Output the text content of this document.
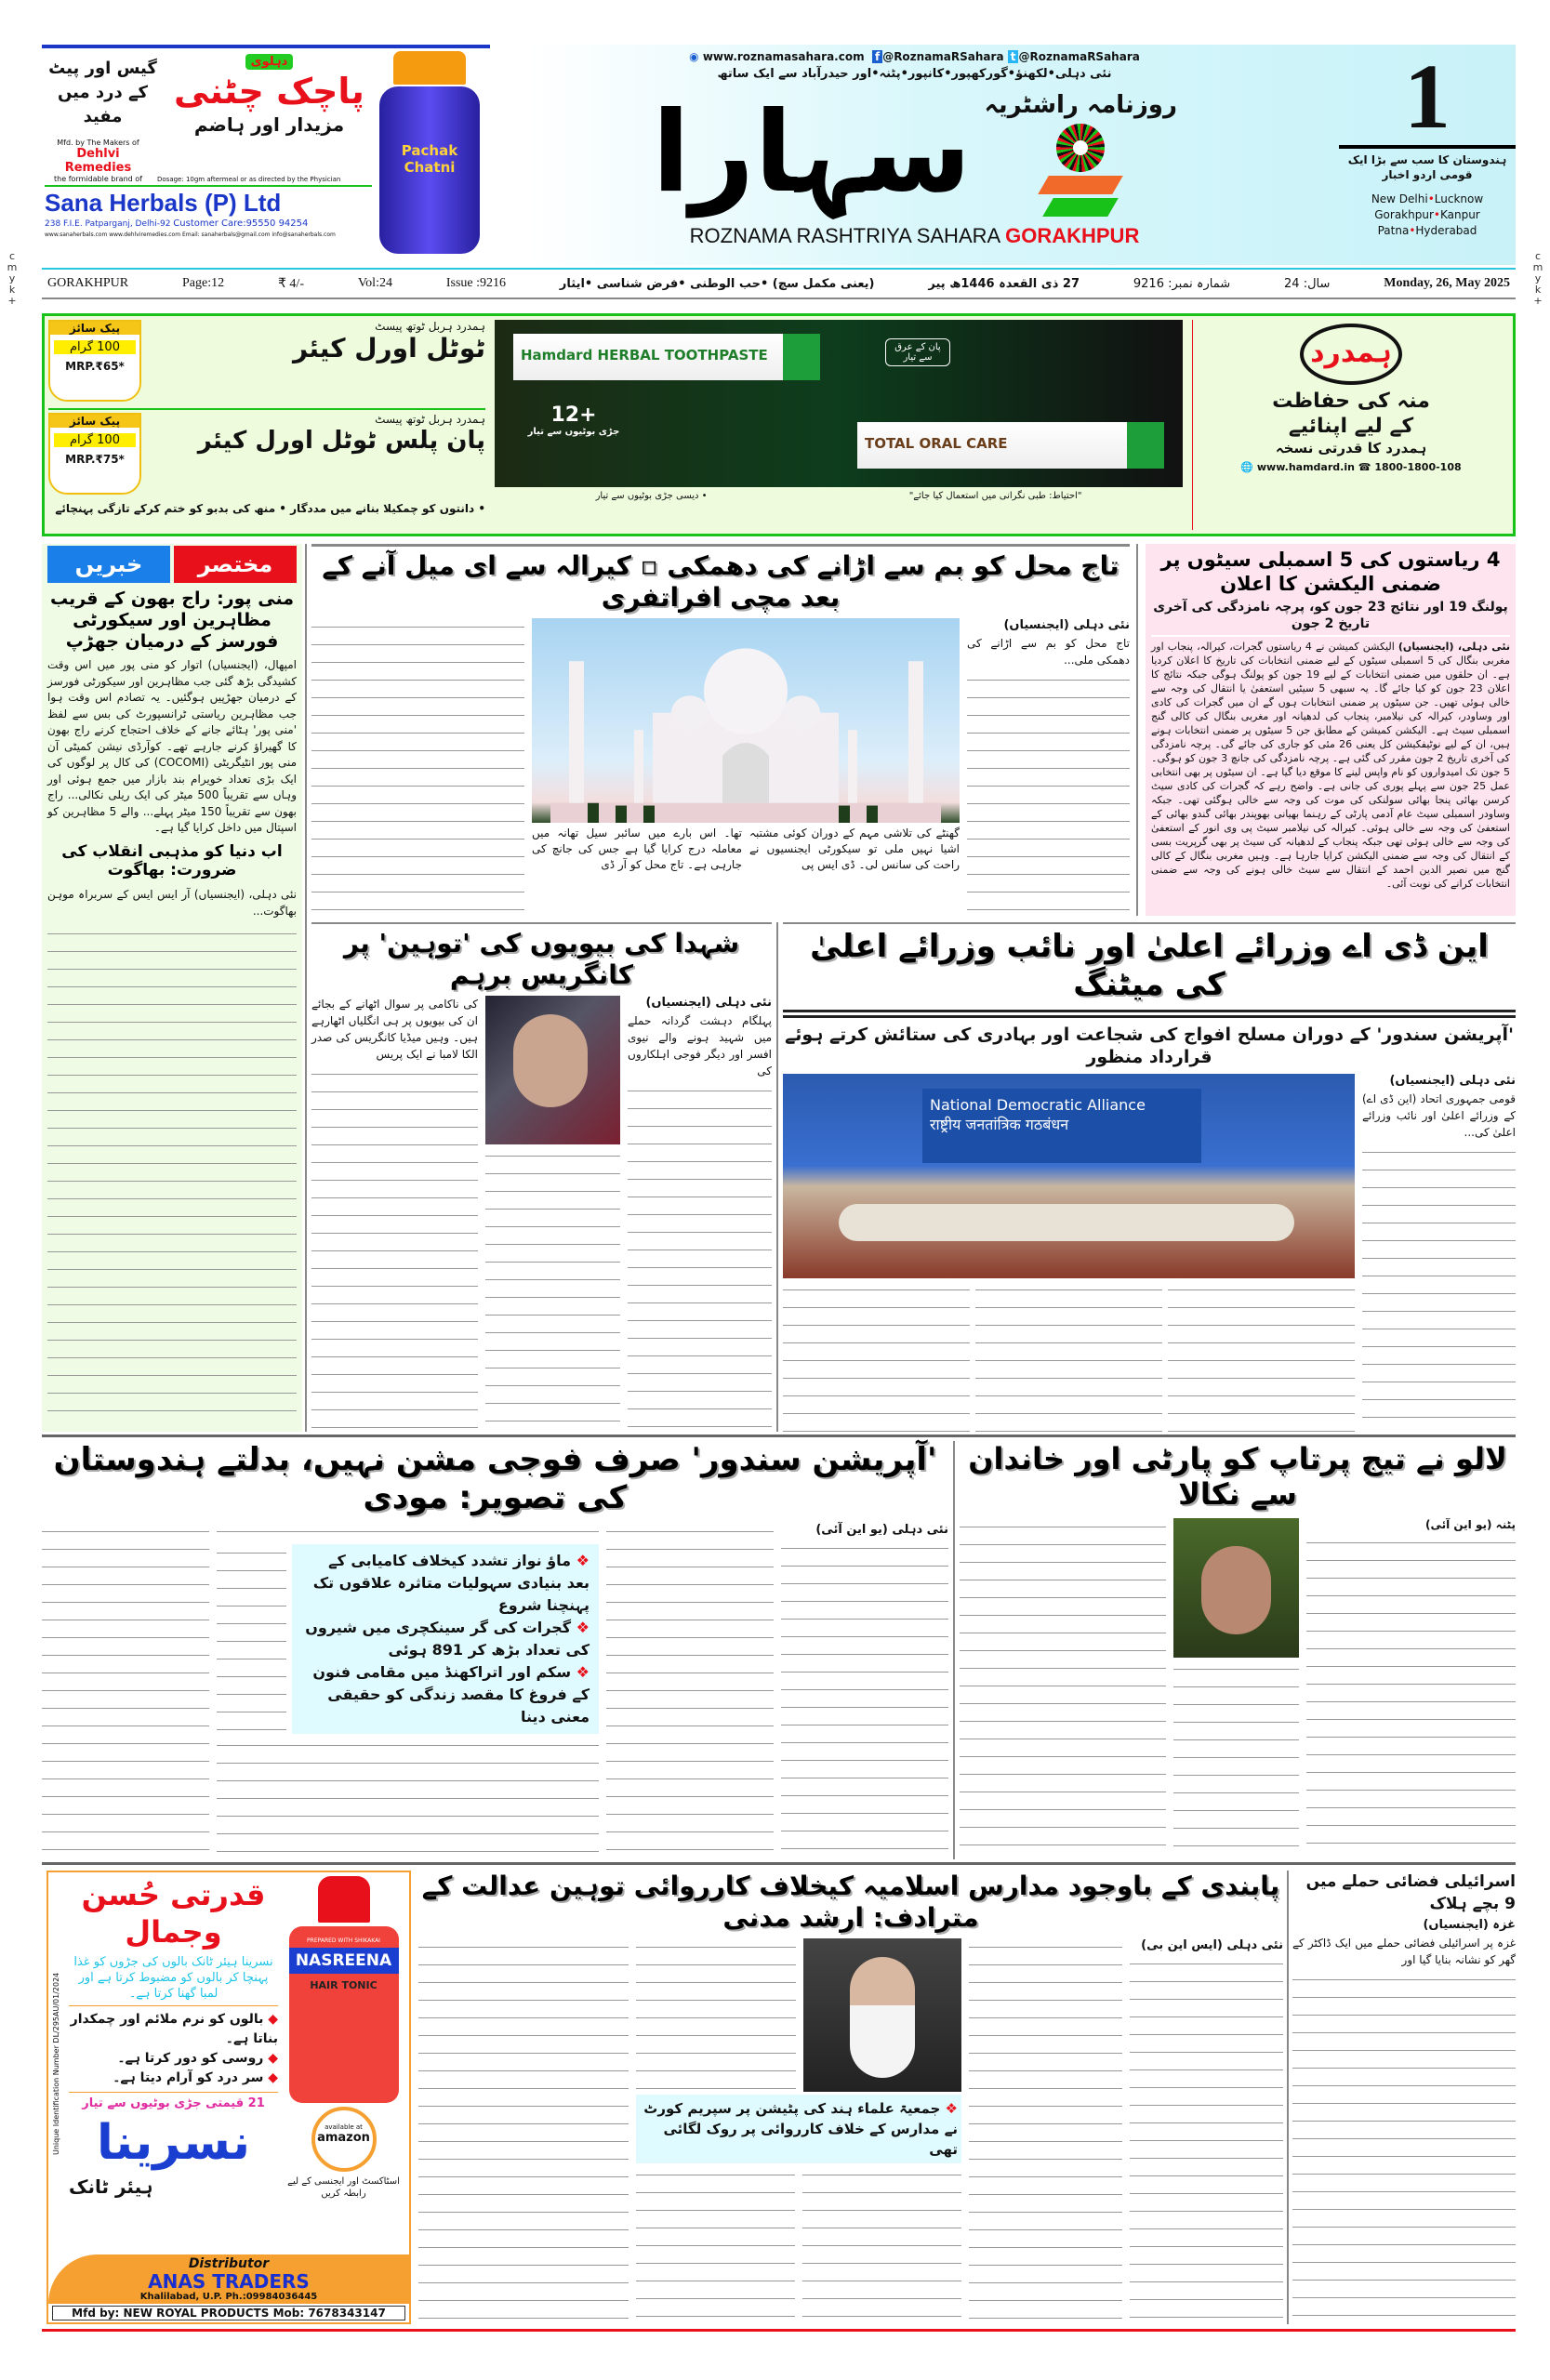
c
m
y
k
+
c
m
y
k
+
گیس اور پیٹ کے درد میں مفید
دہلوی
پاچک چٹنی
مزیدار اور ہاضم
Mfd. by The Makers of
Dehlvi Remedies
the formidable brand of	Dosage: 10gm aftermeal or as directed by the Physician
Sana Herbals (P) Ltd
238 F.I.E. Patparganj, Delhi-92 Customer Care:95550 94254
www.sanaherbals.com www.dehlviremedies.com Email: sanaherbals@gmail.com info@sanaherbals.com
Pachak Chatni
◉ www.roznamasahara.com f @RoznamaRSahara t @RoznamaRSahara
نئی دہلی•لکھنؤ•گورکھپور•کانپور•پٹنہ•اور حیدرآباد سے ایک ساتھ
سہارا روزنامہ راشٹریہ
ROZNAMA RASHTRIYA SAHARA GORAKHPUR
1
ہندوستان کا سب سے بڑا ایک قومی اردو اخبار
New Delhi•Lucknow
Gorakhpur•Kanpur
Patna•Hyderabad
GORAKHPUR	Page:12	₹ 4/-	Vol:24	Issue :9216	(یعنی مکمل سچ) •حب الوطنی •فرض شناسی •ایثار	27 ذی القعدہ 1446ھ پیر	شمارہ نمبر: 9216	سال: 24	Monday, 26, May 2025
پیک سائز
100 گرام
MRP.₹65*
ہمدرد ہربل ٹوتھ پیسٹ
ٹوٹل اورل کیئر
پیک سائز
100 گرام
MRP.₹75*
ہمدرد ہربل ٹوتھ پیسٹ
پان پلس ٹوٹل اورل کیئر
• دانتوں کو چمکیلا بنانے میں مددگار • منھ کی بدبو کو ختم کرکے تازگی پہنچائے
Hamdard HERBAL TOOTHPASTE
TOTAL ORAL CARE
12+
جڑی بوٹیوں سے تیار
پان کے عرق سے تیار
• دیسی جڑی بوٹیوں سے تیار	"احتیاط: طبی نگرانی میں استعمال کیا جائے"
ہمدرد
منہ کی حفاظت
کے لیے اپنائیے
ہمدرد کا قدرتی نسخہ
🌐 www.hamdard.in ☎ 1800-1800-108
مختصر
خبریں
منی پور: راج بھون کے قریب مظاہرین اور سیکورٹی فورسز کے درمیان جھڑپ
امپھال، (ایجنسیاں) اتوار کو منی پور میں اس وقت کشیدگی بڑھ گئی جب مظاہرین اور سیکورٹی فورسز کے درمیان جھڑپیں ہوگئیں۔ یہ تصادم اس وقت ہوا جب مظاہرین ریاستی ٹرانسپورٹ کی بس سے لفظ 'منی پور' ہٹائے جانے کے خلاف احتجاج کرنے راج بھون کا گھیراؤ کرنے جارہے تھے۔ کوآرڈی نیشن کمیٹی آن منی پور انٹیگریٹی (COCOMI) کی کال پر لوگوں کی ایک بڑی تعداد خویرام بند بازار میں جمع ہوئی اور وہاں سے تقریباً 500 میٹر کی ایک ریلی نکالی... راج بھون سے تقریباً 150 میٹر پہلے... والے 5 مظاہرین کو اسپتال میں داخل کرایا گیا ہے۔
اب دنیا کو مذہبی انقلاب کی ضرورت: بھاگوت
نئی دہلی، (ایجنسیاں) آر ایس ایس کے سربراہ موہن بھاگوت...
تاج محل کو بم سے اڑانے کی دھمکی ▫ کیرالہ سے ای میل آنے کے بعد مچی افراتفری
نئی دہلی (ایجنسیاں)
تاج محل کو بم سے اڑانے کی دھمکی ملی...
گھنٹے کی تلاشی مہم کے دوران کوئی مشتبہ اشیا نہیں ملی تو سیکورٹی ایجنسیوں نے راحت کی سانس لی۔ ڈی ایس پی
تھا۔ اس بارے میں سائبر سیل تھانہ میں معاملہ درج کرایا گیا ہے جس کی جانچ کی جارہی ہے۔ تاج محل کو آر ڈی
4 ریاستوں کی 5 اسمبلی سیٹوں پر ضمنی الیکشن کا اعلان
پولنگ 19 اور نتائج 23 جون کو، پرچہ نامزدگی کی آخری تاریخ 2 جون
نئی دہلی، (ایجنسیاں) الیکشن کمیشن نے 4 ریاستوں گجرات، کیرالہ، پنجاب اور مغربی بنگال کی 5 اسمبلی سیٹوں کے لیے ضمنی انتخابات کی تاریخ کا اعلان کردیا ہے۔ ان حلقوں میں ضمنی انتخابات کے لیے 19 جون کو پولنگ ہوگی جبکہ نتائج کا اعلان 23 جون کو کیا جائے گا۔ یہ سبھی 5 سیٹیں استعفیٰ یا انتقال کی وجہ سے خالی ہوئی تھیں۔ جن سیٹوں پر ضمنی انتخابات ہوں گے ان میں گجرات کی کادی اور وساودر، کیرالہ کی نیلامبر، پنجاب کی لدھیانہ اور مغربی بنگال کی کالی گنج اسمبلی سیٹ ہے۔ الیکشن کمیشن کے مطابق جن 5 سیٹوں پر ضمنی انتخابات ہونے ہیں، ان کے لیے نوٹیفکیشن کل یعنی 26 مئی کو جاری کی جائے گی۔ پرچہ نامزدگی کی آخری تاریخ 2 جون مقرر کی گئی ہے۔ پرچہ نامزدگی کی جانچ 3 جون کو ہوگی۔ 5 جون تک امیدواروں کو نام واپس لینے کا موقع دیا گیا ہے۔ ان سیٹوں پر بھی انتخابی عمل 25 جون سے پہلے پوری کی جانی ہے۔ واضح رہے کہ گجرات کی کادی سیٹ کرسن بھائی پنجا بھائی سولنکی کی موت کی وجہ سے خالی ہوگئی تھی۔ جبکہ وساودر اسمبلی سیٹ عام آدمی پارٹی کے رہنما بھیانی بھوپندر بھائی گندو بھائی کے استعفیٰ کی وجہ سے خالی ہوئی۔ کیرالہ کی نیلامبر سیٹ پی وی انور کے استعفیٰ کی وجہ سے خالی ہوئی تھی جبکہ پنجاب کے لدھیانہ کی سیٹ پر بھی گرپریت بسی کے انتقال کی وجہ سے ضمنی الیکشن کرایا جارہا ہے۔ وہیں مغربی بنگال کے کالی گنج میں نصیر الدین احمد کے انتقال سے سیٹ خالی ہونے کی وجہ سے ضمنی انتخابات کرانے کی نوبت آئی۔
شہدا کی بیویوں کی 'توہین' پر کانگریس برہم
نئی دہلی (ایجنسیاں)
پہلگام دہشت گردانہ حملے میں شہید ہونے والے نیوی افسر اور دیگر فوجی اہلکاروں کی
کی ناکامی پر سوال اٹھانے کے بجائے ان کی بیویوں پر ہی انگلیاں اٹھارہے ہیں۔ وہیں میڈیا کانگریس کی صدر الکا لامبا نے ایک پریس
این ڈی اے وزرائے اعلیٰ اور نائب وزرائے اعلیٰ کی میٹنگ
'آپریشن سندور' کے دوران مسلح افواج کی شجاعت اور بہادری کی ستائش کرتے ہوئے قرارداد منظور
نئی دہلی (ایجنسیاں)
قومی جمہوری اتحاد (این ڈی اے) کے وزرائے اعلیٰ اور نائب وزرائے اعلیٰ کی...
National Democratic Alliance
राष्ट्रीय जनतांत्रिक गठबंधन
'آپریشن سندور' صرف فوجی مشن نہیں، بدلتے ہندوستان کی تصویر: مودی
نئی دہلی (یو این آئی)
❖ ماؤ نواز تشدد کیخلاف کامیابی کے بعد بنیادی سہولیات متاثرہ علاقوں تک پہنچنا شروع
❖ گجرات کی گر سینکچری میں شیروں کی تعداد بڑھ کر 891 ہوئی
❖ سکم اور اتراکھنڈ میں مقامی فنون کے فروغ کا مقصد زندگی کو حقیقی معنی دینا
لالو نے تیج پرتاپ کو پارٹی اور خاندان سے نکالا
پٹنہ (یو این آئی)
Unique Identification Number DL/295AU/01/2024
قدرتی حُسن وجمال
نسرینا ہیئر ٹانک بالوں کی جڑوں کو غذا پہنچا کر بالوں کو مضبوط کرتا ہے اور لمبا گھنا کرتا ہے۔
◆ بالوں کو نرم ملائم اور چمکدار بناتا ہے۔
◆ روسی کو دور کرتا ہے۔
◆ سر درد کو آرام دیتا ہے۔
21 قیمتی جڑی بوٹیوں سے تیار
نسرینا
ہیئر ٹانک
PREPARED WITH SHIKAKAI
NASREENA
HAIR TONIC
available at
amazon
اسٹاکسٹ اور ایجنسی کے لیے رابطہ کریں
Distributor
ANAS TRADERS
Khalilabad, U.P. Ph.:09984036445
Mfd by: NEW ROYAL PRODUCTS Mob: 7678343147
پابندی کے باوجود مدارس اسلامیہ کیخلاف کارروائی توہین عدالت کے مترادف: ارشد مدنی
نئی دہلی (ایس این بی)
❖ جمعیۃ علماء ہند کی پٹیشن پر سپریم کورٹ نے مدارس کے خلاف کارروائی پر روک لگائی تھی
اسرائیلی فضائی حملے میں 9 بچے ہلاک
غزہ (ایجنسیاں)
غزہ پر اسرائیلی فضائی حملے میں ایک ڈاکٹر کے گھر کو نشانہ بنایا گیا اور
